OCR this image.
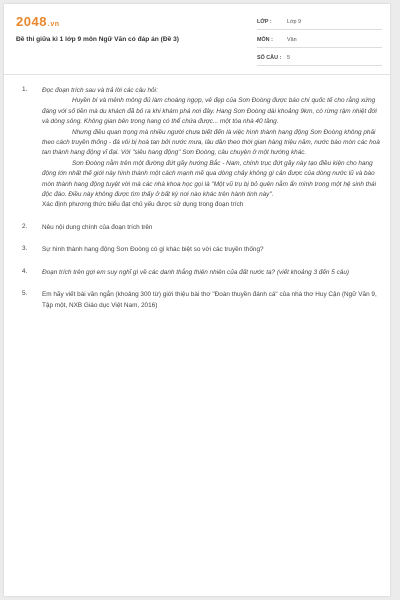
2048.vn
Đề thi giữa kì 1 lớp 9 môn Ngữ Văn có đáp án (Đề 3)
LỚP :	Lớp 9
MÔN :	Văn
SỐ CÂU :	5
1.	Đọc đoạn trích sau và trả lời các câu hỏi:

Huyền bí và mênh mông đủ làm choáng ngợp, vẻ đẹp của Sơn Đoòng được báo chí quốc tế cho rằng xứng đáng với số tiền mà du khách đã bỏ ra khi khám phá nơi đây. Hang Sơn Đoòng dài khoảng 9km, có rừng rậm nhiệt đới và dòng sông. Không gian bên trong hang có thể chứa được... một tòa nhà 40 tầng.

Nhưng điều quan trọng mà nhiều người chưa biết đến là việc hình thành hang động Sơn Đoòng không phải theo cách truyền thống - đá vôi bị hoà tan bởi nước mưa, lâu dần theo thời gian hàng triệu năm, nước bào mòn các hoà tan thành hang động vĩ đại. Với "siêu hang động" Sơn Đoòng, câu chuyện ở một hướng khác.

Sơn Đoòng nằm trên một đường đứt gãy hướng Bắc - Nam, chính trục đứt gãy này tạo điều kiện cho hang động lớn nhất thế giới này hình thành một cách mạnh mẽ qua dòng chảy không gì cản được của dòng nước lũ và bào mòn thành hang động tuyệt vời mà các nhà khoa học gọi là "Một vũ trụ bị bỏ quên nằm ẩn mình trong một hệ sinh thái độc đáo. Điều này không được tìm thấy ở bất kỳ nơi nào khác trên hành tinh này".

Xác định phương thức biểu đạt chủ yếu được sử dụng trong đoạn trích
2.	Nêu nội dung chính của đoạn trích trên
3.	Sự hình thành hang động Sơn Đoòng có gì khác biệt so với các truyền thống?
4.	Đoạn trích trên gợi em suy nghĩ gì về các danh thắng thiên nhiên của đất nước ta? (viết khoảng 3 đến 5 câu)
5.	Em hãy viết bài văn ngắn (khoảng 300 từ) giới thiệu bài thơ "Đoàn thuyền đánh cá" của nhà thơ Huy Cận (Ngữ Văn 9, Tập một, NXB Giáo dục Việt Nam, 2016)
